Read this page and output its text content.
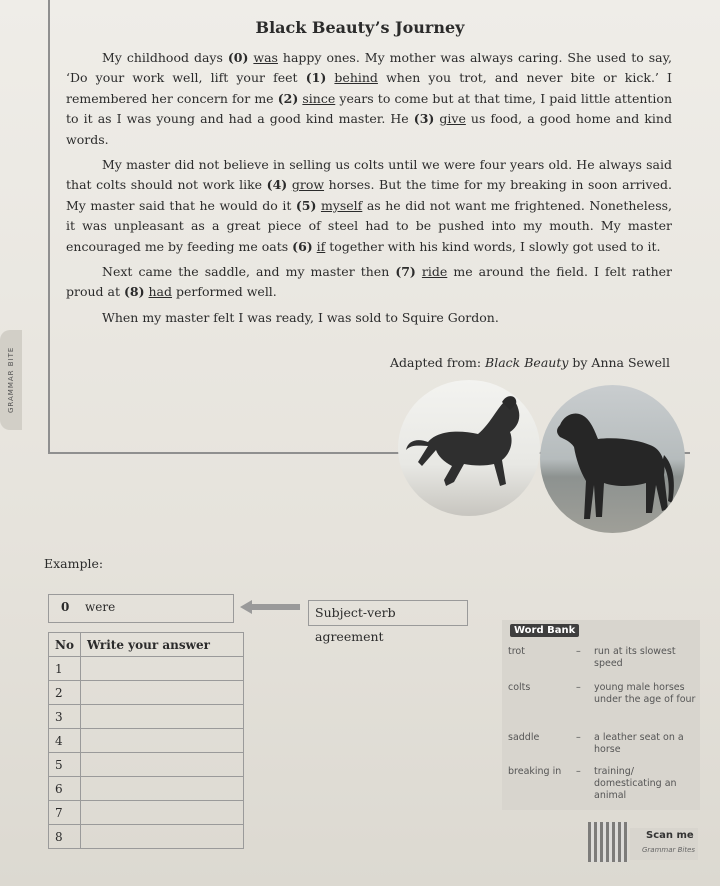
GRAMMAR BITE
Black Beauty’s Journey

My childhood days (0) was happy ones. My mother was always caring. She used to say, ‘Do your work well, lift your feet (1) behind when you trot, and never bite or kick.’ I remembered her concern for me (2) since years to come but at that time, I paid little attention to it as I was young and had a good kind master. He (3) give us food, a good home and kind words.

My master did not believe in selling us colts until we were four years old. He always said that colts should not work like (4) grow horses. But the time for my breaking in soon arrived. My master said that he would do it (5) myself as he did not want me frightened. Nonetheless, it was unpleasant as a great piece of steel had to be pushed into my mouth. My master encouraged me by feeding me oats (6) if together with his kind words, I slowly got used to it.

Next came the saddle, and my master then (7) ride me around the field. I felt rather proud at (8) had performed well.

When my master felt I was ready, I was sold to Squire Gordon.

Adapted from: Black Beauty by Anna Sewell
Example:
0 were	Subject-verb agreement
No	Write your answer
1	
2	
3	
4	
5	
6	
7	
8	
Word Bank
trot	– run at its slowest speed
colts	– young male horses under the age of four
saddle	– a leather seat on a horse
breaking in – training/ domesticating an animal
Scan me
Grammar Bites
